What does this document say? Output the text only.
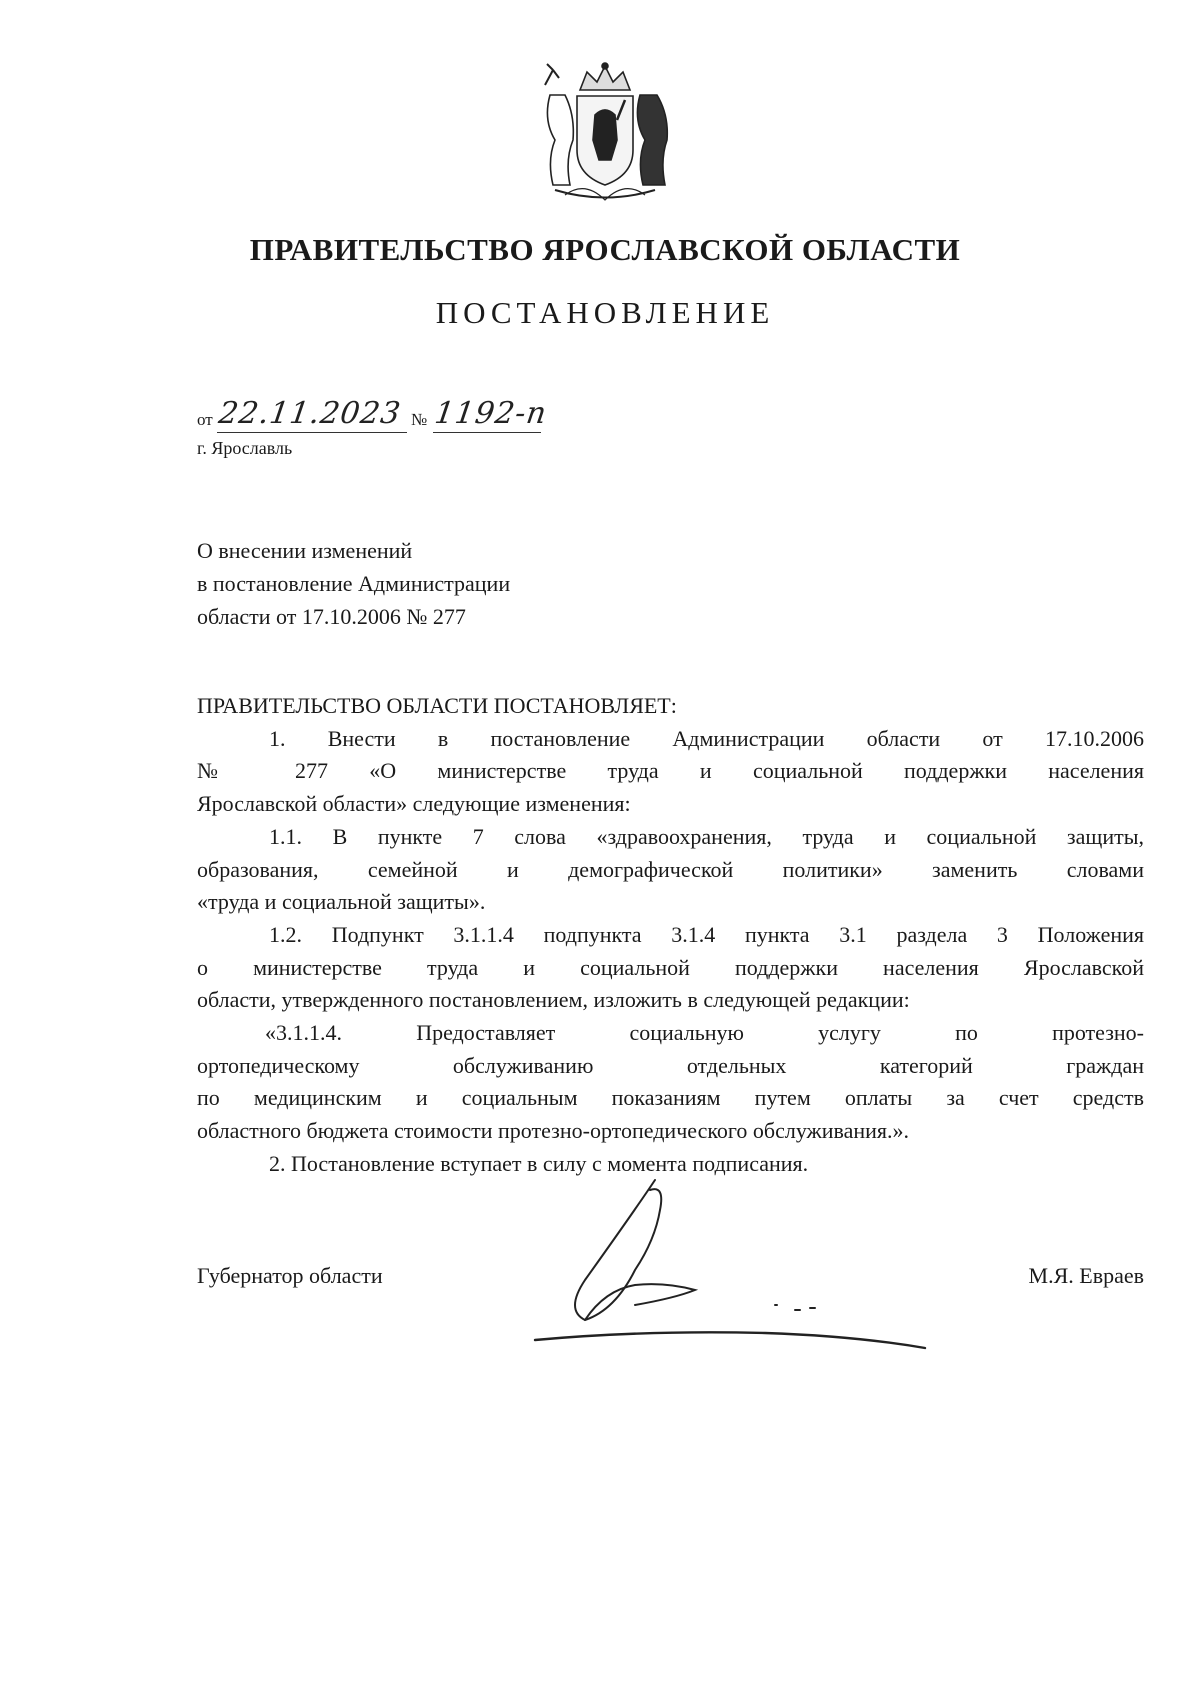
ПРАВИТЕЛЬСТВО ЯРОСЛАВСКОЙ ОБЛАСТИ
ПОСТАНОВЛЕНИЕ
от 22.11.2023 № 1192-п
г. Ярославль
О внесении изменений
в постановление Администрации
области от 17.10.2006 № 277
ПРАВИТЕЛЬСТВО ОБЛАСТИ ПОСТАНОВЛЯЕТ:
1. Внести в постановление Администрации области от 17.10.2006
№ 277 «О министерстве труда и социальной поддержки населения
Ярославской области» следующие изменения:
1.1. В пункте 7 слова «здравоохранения, труда и социальной защиты,
образования, семейной и демографической политики» заменить словами
«труда и социальной защиты».
1.2. Подпункт 3.1.1.4 подпункта 3.1.4 пункта 3.1 раздела 3 Положения
о министерстве труда и социальной поддержки населения Ярославской
области, утвержденного постановлением, изложить в следующей редакции:
«3.1.1.4. Предоставляет социальную услугу по протезно-
ортопедическому обслуживанию отдельных категорий граждан
по медицинским и социальным показаниям путем оплаты за счет средств
областного бюджета стоимости протезно-ортопедического обслуживания.».
2. Постановление вступает в силу с момента подписания.
Губернатор области	М.Я. Евраев
